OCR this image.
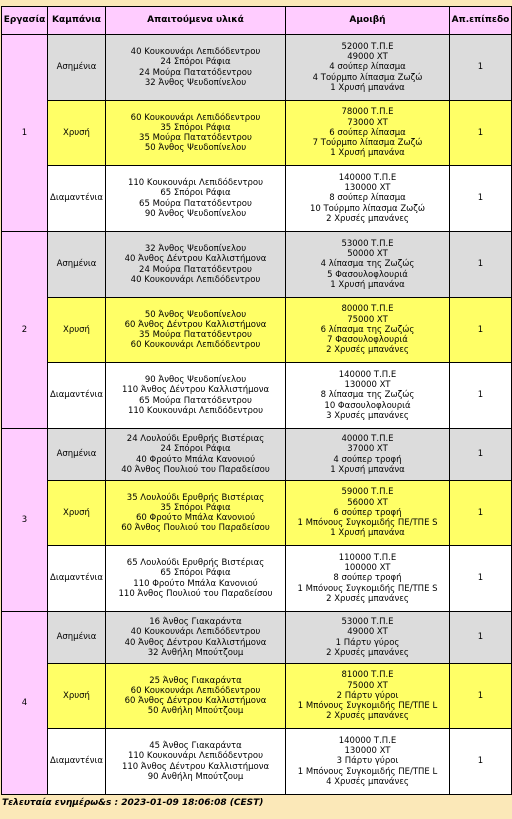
Εργασία	Καμπάνια	Απαιτούμενα υλικά	Αμοιβή	Απ.επίπεδο
1	Ασημένια	40 Κουκουνάρι Λεπιδόδεντρου
24 Σπόροι Ράφια
24 Μούρα Πατατόδεντρου
32 Άνθος Ψευδοπίνελου	52000 Τ.Π.Ε
49000 XT
4 σούπερ λίπασμα
4 Τούρμπο λίπασμα Ζωζώ
1 Χρυσή μπανάνα	1
	Χρυσή	60 Κουκουνάρι Λεπιδόδεντρου
35 Σπόροι Ράφια
35 Μούρα Πατατόδεντρου
50 Άνθος Ψευδοπίνελου	78000 Τ.Π.Ε
73000 XT
6 σούπερ λίπασμα
7 Τούρμπο λίπασμα Ζωζώ
1 Χρυσή μπανάνα	1
	Διαμαντένια	110 Κουκουνάρι Λεπιδόδεντρου
65 Σπόροι Ράφια
65 Μούρα Πατατόδεντρου
90 Άνθος Ψευδοπίνελου	140000 Τ.Π.Ε
130000 XT
8 σούπερ λίπασμα
10 Τούρμπο λίπασμα Ζωζώ
2 Χρυσές μπανάνες	1
2	Ασημένια	32 Άνθος Ψευδοπίνελου
40 Άνθος Δέντρου Καλλιστήμονα
24 Μούρα Πατατόδεντρου
40 Κουκουνάρι Λεπιδόδεντρου	53000 Τ.Π.Ε
50000 XT
4 λίπασμα της Ζωζώς
5 Φασουλοφλουριά
1 Χρυσή μπανάνα	1
	Χρυσή	50 Άνθος Ψευδοπίνελου
60 Άνθος Δέντρου Καλλιστήμονα
35 Μούρα Πατατόδεντρου
60 Κουκουνάρι Λεπιδόδεντρου	80000 Τ.Π.Ε
75000 XT
6 λίπασμα της Ζωζώς
7 Φασουλοφλουριά
2 Χρυσές μπανάνες	1
	Διαμαντένια	90 Άνθος Ψευδοπίνελου
110 Άνθος Δέντρου Καλλιστήμονα
65 Μούρα Πατατόδεντρου
110 Κουκουνάρι Λεπιδόδεντρου	140000 Τ.Π.Ε
130000 XT
8 λίπασμα της Ζωζώς
10 Φασουλοφλουριά
3 Χρυσές μπανάνες	1
3	Ασημένια	24 Λουλούδι Ερυθρής Βιστέριας
24 Σπόροι Ράφια
40 Φρούτο Μπάλα Κανονιού
40 Άνθος Πουλιού του Παραδείσου	40000 Τ.Π.Ε
37000 XT
4 σούπερ τροφή
1 Χρυσή μπανάνα	1
	Χρυσή	35 Λουλούδι Ερυθρής Βιστέριας
35 Σπόροι Ράφια
60 Φρούτο Μπάλα Κανονιού
60 Άνθος Πουλιού του Παραδείσου	59000 Τ.Π.Ε
56000 XT
6 σούπερ τροφή
1 Μπόνους Συγκομιδής ΠΕ/ΤΠΕ S
1 Χρυσή μπανάνα	1
	Διαμαντένια	65 Λουλούδι Ερυθρής Βιστέριας
65 Σπόροι Ράφια
110 Φρούτο Μπάλα Κανονιού
110 Άνθος Πουλιού του Παραδείσου	110000 Τ.Π.Ε
100000 XT
8 σούπερ τροφή
1 Μπόνους Συγκομιδής ΠΕ/ΤΠΕ S
2 Χρυσές μπανάνες	1
4	Ασημένια	16 Άνθος Γιακαράντα
40 Κουκουνάρι Λεπιδόδεντρου
40 Άνθος Δέντρου Καλλιστήμονα
32 Ανθήλη Μπούτζουμ	53000 Τ.Π.Ε
49000 XT
1 Πάρτυ γύρος
2 Χρυσές μπανάνες	1
	Χρυσή	25 Άνθος Γιακαράντα
60 Κουκουνάρι Λεπιδόδεντρου
60 Άνθος Δέντρου Καλλιστήμονα
50 Ανθήλη Μπούτζουμ	81000 Τ.Π.Ε
75000 XT
2 Πάρτυ γύροι
1 Μπόνους Συγκομιδής ΠΕ/ΤΠΕ L
2 Χρυσές μπανάνες	1
	Διαμαντένια	45 Άνθος Γιακαράντα
110 Κουκουνάρι Λεπιδόδεντρου
110 Άνθος Δέντρου Καλλιστήμονα
90 Ανθήλη Μπούτζουμ	140000 Τ.Π.Ε
130000 XT
3 Πάρτυ γύροι
1 Μπόνους Συγκομιδής ΠΕ/ΤΠΕ L
4 Χρυσές μπανάνες	1
Τελευταία ενημέρω&s : 2023-01-09 18:06:08 (CEST)
